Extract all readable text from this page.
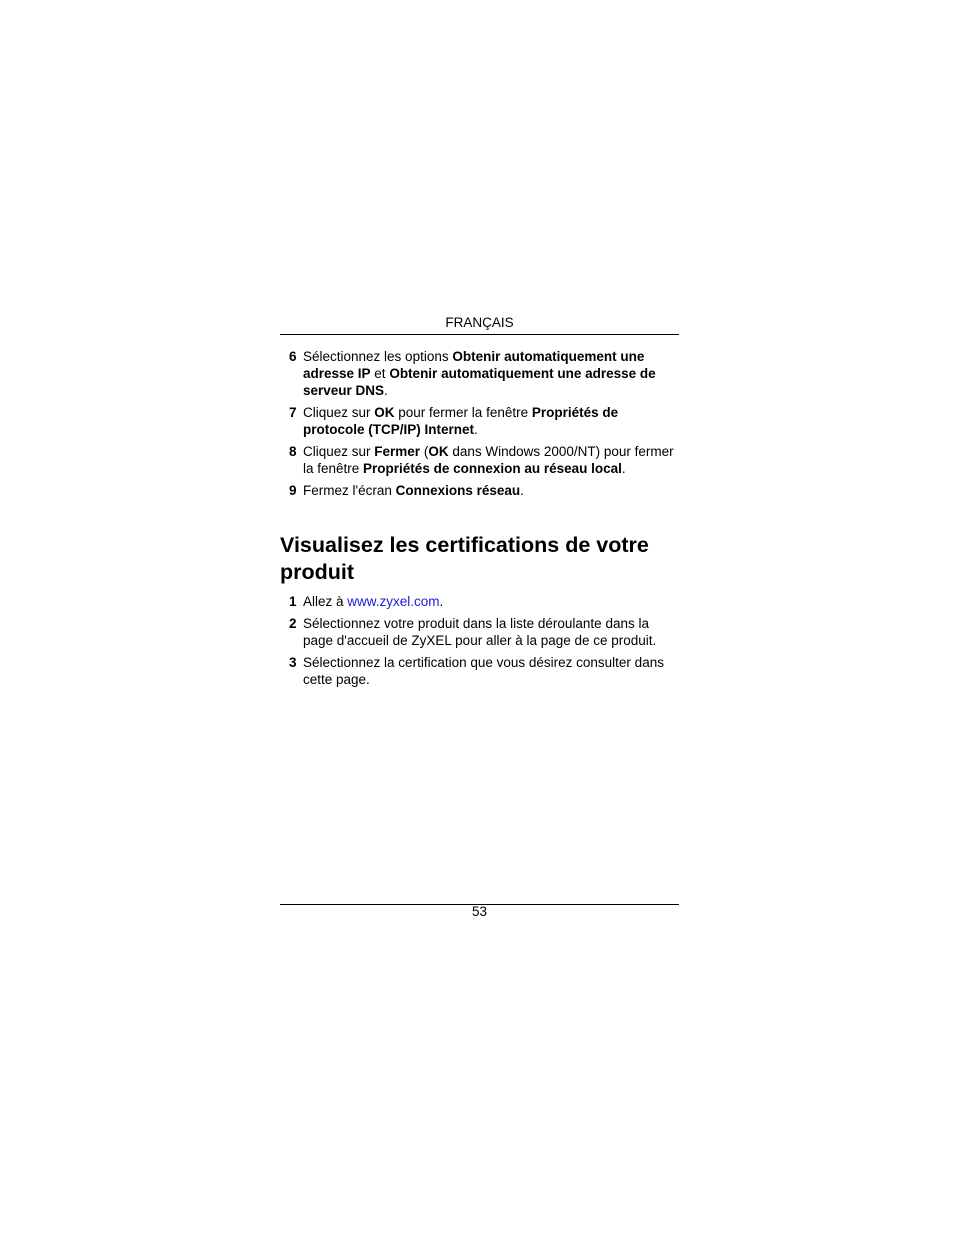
FRANÇAIS
6 Sélectionnez les options Obtenir automatiquement une adresse IP et Obtenir automatiquement une adresse de serveur DNS.
7 Cliquez sur OK pour fermer la fenêtre Propriétés de protocole (TCP/IP) Internet.
8 Cliquez sur Fermer (OK dans Windows 2000/NT) pour fermer la fenêtre Propriétés de connexion au réseau local.
9 Fermez l'écran Connexions réseau.
Visualisez les certifications de votre produit
1 Allez à www.zyxel.com.
2 Sélectionnez votre produit dans la liste déroulante dans la page d'accueil de ZyXEL pour aller à la page de ce produit.
3 Sélectionnez la certification que vous désirez consulter dans cette page.
53
